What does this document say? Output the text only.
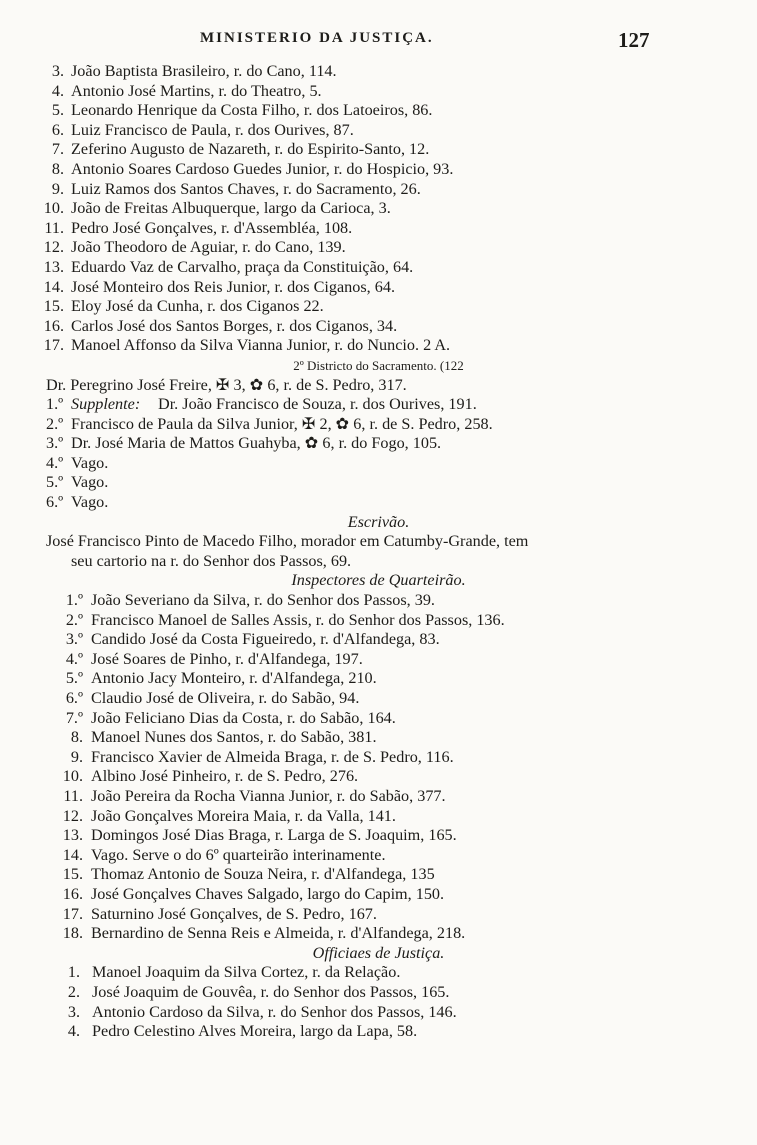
MINISTERIO DA JUSTIÇA.	127
3. João Baptista Brasileiro, r. do Cano, 114.
4. Antonio José Martins, r. do Theatro, 5.
5. Leonardo Henrique da Costa Filho, r. dos Latoeiros, 86.
6. Luiz Francisco de Paula, r. dos Ourives, 87.
7. Zeferino Augusto de Nazareth, r. do Espirito-Santo, 12.
8. Antonio Soares Cardoso Guedes Junior, r. do Hospicio, 93.
9. Luiz Ramos dos Santos Chaves, r. do Sacramento, 26.
10. João de Freitas Albuquerque, largo da Carioca, 3.
11. Pedro José Gonçalves, r. d'Assembléa, 108.
12. João Theodoro de Aguiar, r. do Cano, 139.
13. Eduardo Vaz de Carvalho, praça da Constituição, 64.
14. José Monteiro dos Reis Junior, r. dos Ciganos, 64.
15. Eloy José da Cunha, r. dos Ciganos 22.
16. Carlos José dos Santos Borges, r. dos Ciganos, 34.
17. Manoel Affonso da Silva Vianna Junior, r. do Nuncio. 2 A.
2º Districto do Sacramento. (122
Dr. Peregrino José Freire, ✠ 3, ✿ 6, r. de S. Pedro, 317.
1.º Supplente: Dr. João Francisco de Souza, r. dos Ourives, 191.
2.º Francisco de Paula da Silva Junior, ✠ 2, ✿ 6, r. de S. Pedro, 258.
3.º Dr. José Maria de Mattos Guahyba, ✿ 6, r. do Fogo, 105.
4.º Vago.
5.º Vago.
6.º Vago.
Escrivão.
José Francisco Pinto de Macedo Filho, morador em Catumby-Grande, tem
seu cartorio na r. do Senhor dos Passos, 69.
Inspectores de Quarteirão.
1.º João Severiano da Silva, r. do Senhor dos Passos, 39.
2.º Francisco Manoel de Salles Assis, r. do Senhor dos Passos, 136.
3.º Candido José da Costa Figueiredo, r. d'Alfandega, 83.
4.º José Soares de Pinho, r. d'Alfandega, 197.
5.º Antonio Jacy Monteiro, r. d'Alfandega, 210.
6.º Claudio José de Oliveira, r. do Sabão, 94.
7.º João Feliciano Dias da Costa, r. do Sabão, 164.
8. Manoel Nunes dos Santos, r. do Sabão, 381.
9. Francisco Xavier de Almeida Braga, r. de S. Pedro, 116.
10. Albino José Pinheiro, r. de S. Pedro, 276.
11. João Pereira da Rocha Vianna Junior, r. do Sabão, 377.
12. João Gonçalves Moreira Maia, r. da Valla, 141.
13. Domingos José Dias Braga, r. Larga de S. Joaquim, 165.
14. Vago. Serve o do 6º quarteirão interinamente.
15. Thomaz Antonio de Souza Neira, r. d'Alfandega, 135
16. José Gonçalves Chaves Salgado, largo do Capim, 150.
17. Saturnino José Gonçalves, de S. Pedro, 167.
18. Bernardino de Senna Reis e Almeida, r. d'Alfandega, 218.
Officiaes de Justiça.
1. Manoel Joaquim da Silva Cortez, r. da Relação.
2. José Joaquim de Gouvêa, r. do Senhor dos Passos, 165.
3. Antonio Cardoso da Silva, r. do Senhor dos Passos, 146.
4. Pedro Celestino Alves Moreira, largo da Lapa, 58.
